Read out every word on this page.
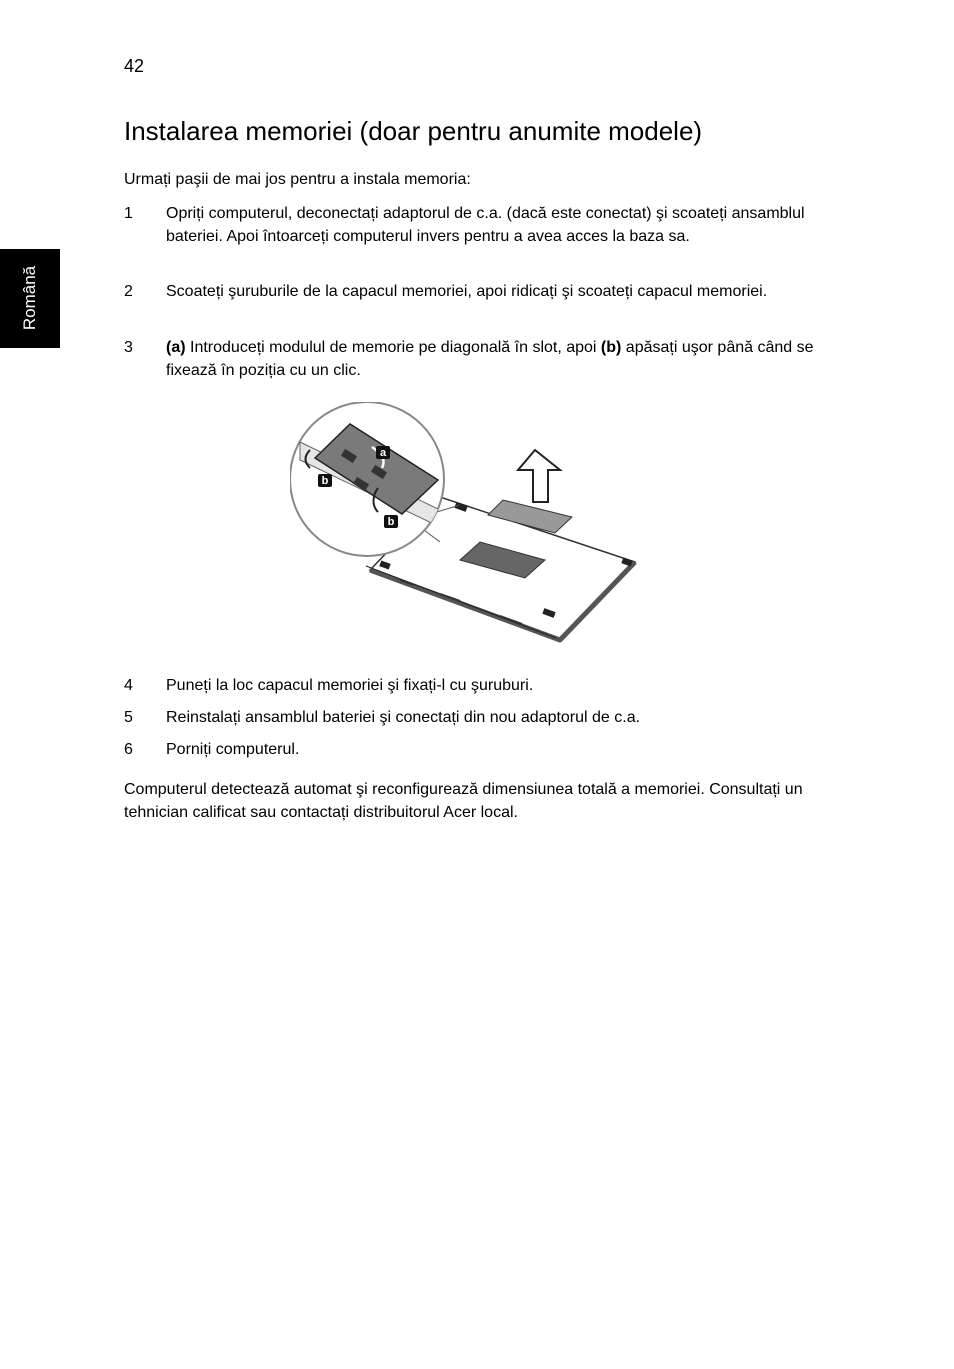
42
Română
Instalarea memoriei (doar pentru anumite modele)

Urmați paşii de mai jos pentru a instala memoria:

1 Opriți computerul, deconectați adaptorul de c.a. (dacă este conectat) şi scoateți ansamblul bateriei. Apoi întoarceți computerul invers pentru a avea acces la baza sa.
2 Scoateți şuruburile de la capacul memoriei, apoi ridicați şi scoateți capacul memoriei.
3 (a) Introduceți modulul de memorie pe diagonală în slot, apoi (b) apăsați uşor până când se fixează în poziția cu un clic.
a
b
b
4 Puneți la loc capacul memoriei şi fixați-l cu şuruburi.
5 Reinstalați ansamblul bateriei şi conectați din nou adaptorul de c.a.
6 Porniți computerul.

Computerul detectează automat şi reconfigurează dimensiunea totală a memoriei. Consultați un tehnician calificat sau contactați distribuitorul Acer local.
